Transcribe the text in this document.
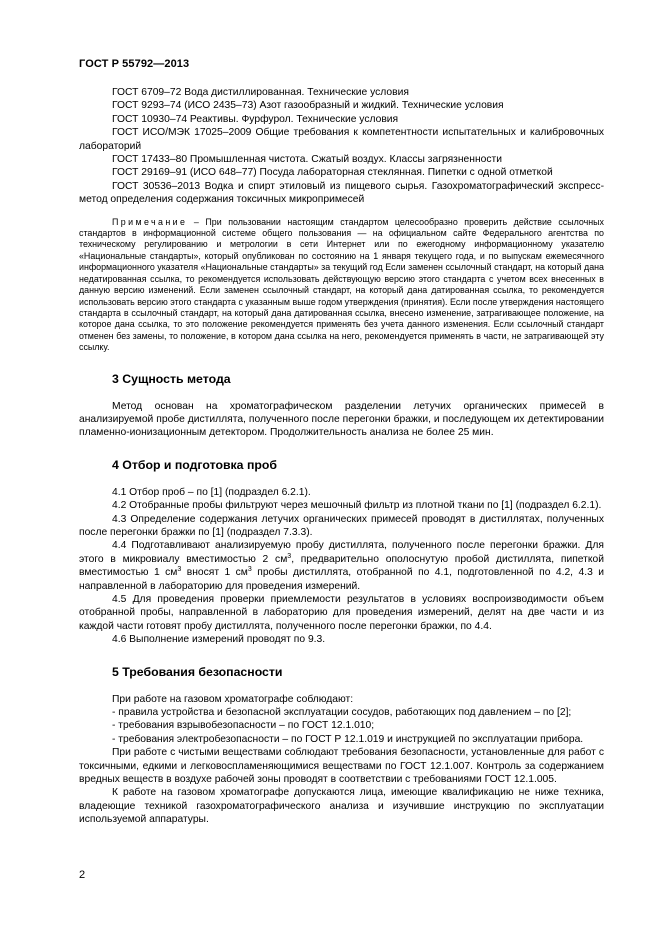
ГОСТ Р 55792—2013

ГОСТ 6709–72 Вода дистиллированная. Технические условия

ГОСТ 9293–74 (ИСО 2435–73) Азот газообразный и жидкий. Технические условия

ГОСТ 10930–74 Реактивы. Фурфурол. Технические условия

ГОСТ ИСО/МЭК 17025–2009 Общие требования к компетентности испытательных и калибровочных лабораторий

ГОСТ 17433–80 Промышленная чистота. Сжатый воздух. Классы загрязненности

ГОСТ 29169–91 (ИСО 648–77) Посуда лабораторная стеклянная. Пипетки с одной отметкой

ГОСТ 30536–2013 Водка и спирт этиловый из пищевого сырья. Газохроматографический экспресс-метод определения содержания токсичных микропримесей

Примечание – При пользовании настоящим стандартом целесообразно проверить действие ссылочных стандартов в информационной системе общего пользования — на официальном сайте Федерального агентства по техническому регулированию и метрологии в сети Интернет или по ежегодному информационному указателю «Национальные стандарты», который опубликован по состоянию на 1 января текущего года, и по выпускам ежемесячного информационного указателя «Национальные стандарты» за текущий год Если заменен ссылочный стандарт, на который дана недатированная ссылка, то рекомендуется использовать действующую версию этого стандарта с учетом всех внесенных в данную версию изменений. Если заменен ссылочный стандарт, на который дана датированная ссылка, то рекомендуется использовать версию этого стандарта с указанным выше годом утверждения (принятия). Если после утверждения настоящего стандарта в ссылочный стандарт, на который дана датированная ссылка, внесено изменение, затрагивающее положение, на которое дана ссылка, то это положение рекомендуется применять без учета данного изменения. Если ссылочный стандарт отменен без замены, то положение, в котором дана ссылка на него, рекомендуется применять в части, не затрагивающей эту ссылку.

3 Сущность метода

Метод основан на хроматографическом разделении летучих органических примесей в анализируемой пробе дистиллята, полученного после перегонки бражки, и последующем их детектировании пламенно-ионизационным детектором. Продолжительность анализа не более 25 мин.

4 Отбор и подготовка проб

4.1 Отбор проб – по [1] (подраздел 6.2.1).

4.2 Отобранные пробы фильтруют через мешочный фильтр из плотной ткани по [1] (подраздел 6.2.1).

4.3 Определение содержания летучих органических примесей проводят в дистиллятах, полученных после перегонки бражки по [1] (подраздел 7.3.3).

4.4 Подготавливают анализируемую пробу дистиллята, полученного после перегонки бражки. Для этого в микровиалу вместимостью 2 $см^3$, предварительно ополоснутую пробой дистиллята, пипеткой вместимостью 1 $см^3$ вносят 1 $см^3$ пробы дистиллята, отобранной по 4.1, подготовленной по 4.2, 4.3 и направленной в лабораторию для проведения измерений.

4.5 Для проведения проверки приемлемости результатов в условиях воспроизводимости объем отобранной пробы, направленной в лабораторию для проведения измерений, делят на две части и из каждой части готовят пробу дистиллята, полученного после перегонки бражки, по 4.4.

4.6 Выполнение измерений проводят по 9.3.

5 Требования безопасности

При работе на газовом хроматографе соблюдают:

- правила устройства и безопасной эксплуатации сосудов, работающих под давлением – по [2];

- требования взрывобезопасности – по ГОСТ 12.1.010;

- требования электробезопасности – по ГОСТ Р 12.1.019 и инструкцией по эксплуатации прибора.

При работе с чистыми веществами соблюдают требования безопасности, установленные для работ с токсичными, едкими и легковоспламеняющимися веществами по ГОСТ 12.1.007. Контроль за содержанием вредных веществ в воздухе рабочей зоны проводят в соответствии с требованиями ГОСТ 12.1.005.

К работе на газовом хроматографе допускаются лица, имеющие квалификацию не ниже техника, владеющие техникой газохроматографического анализа и изучившие инструкцию по эксплуатации используемой аппаратуры.

2
